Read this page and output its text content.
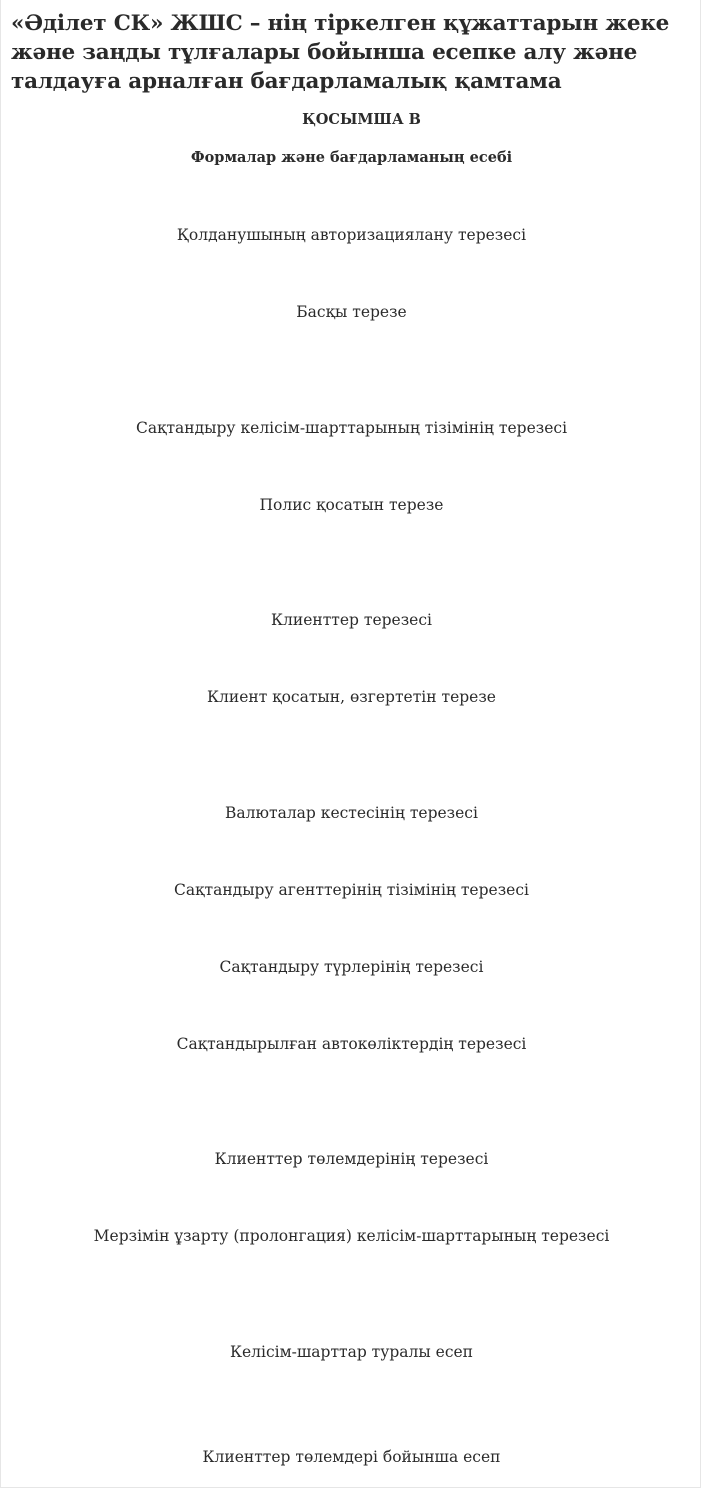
«Әділет СК» ЖШС – нің тіркелген құжаттарын жеке және заңды тұлғалары бойынша есепке алу және талдауға арналған бағдарламалық қамтама
ҚОСЫМША В
Формалар және бағдарламаның есебі
Қолданушының авторизациялану терезесі
Басқы терезе
Сақтандыру келісім-шарттарының тізімінің терезесі
Полис қосатын терезе
Клиенттер терезесі
Клиент қосатын, өзгертетін терезе
Валюталар кестесінің терезесі
Сақтандыру агенттерінің тізімінің терезесі
Сақтандыру түрлерінің терезесі
Сақтандырылған автокөліктердің терезесі
Клиенттер төлемдерінің терезесі
Мерзімін ұзарту (пролонгация) келісім-шарттарының терезесі
Келісім-шарттар туралы есеп
Клиенттер төлемдері бойынша есеп
